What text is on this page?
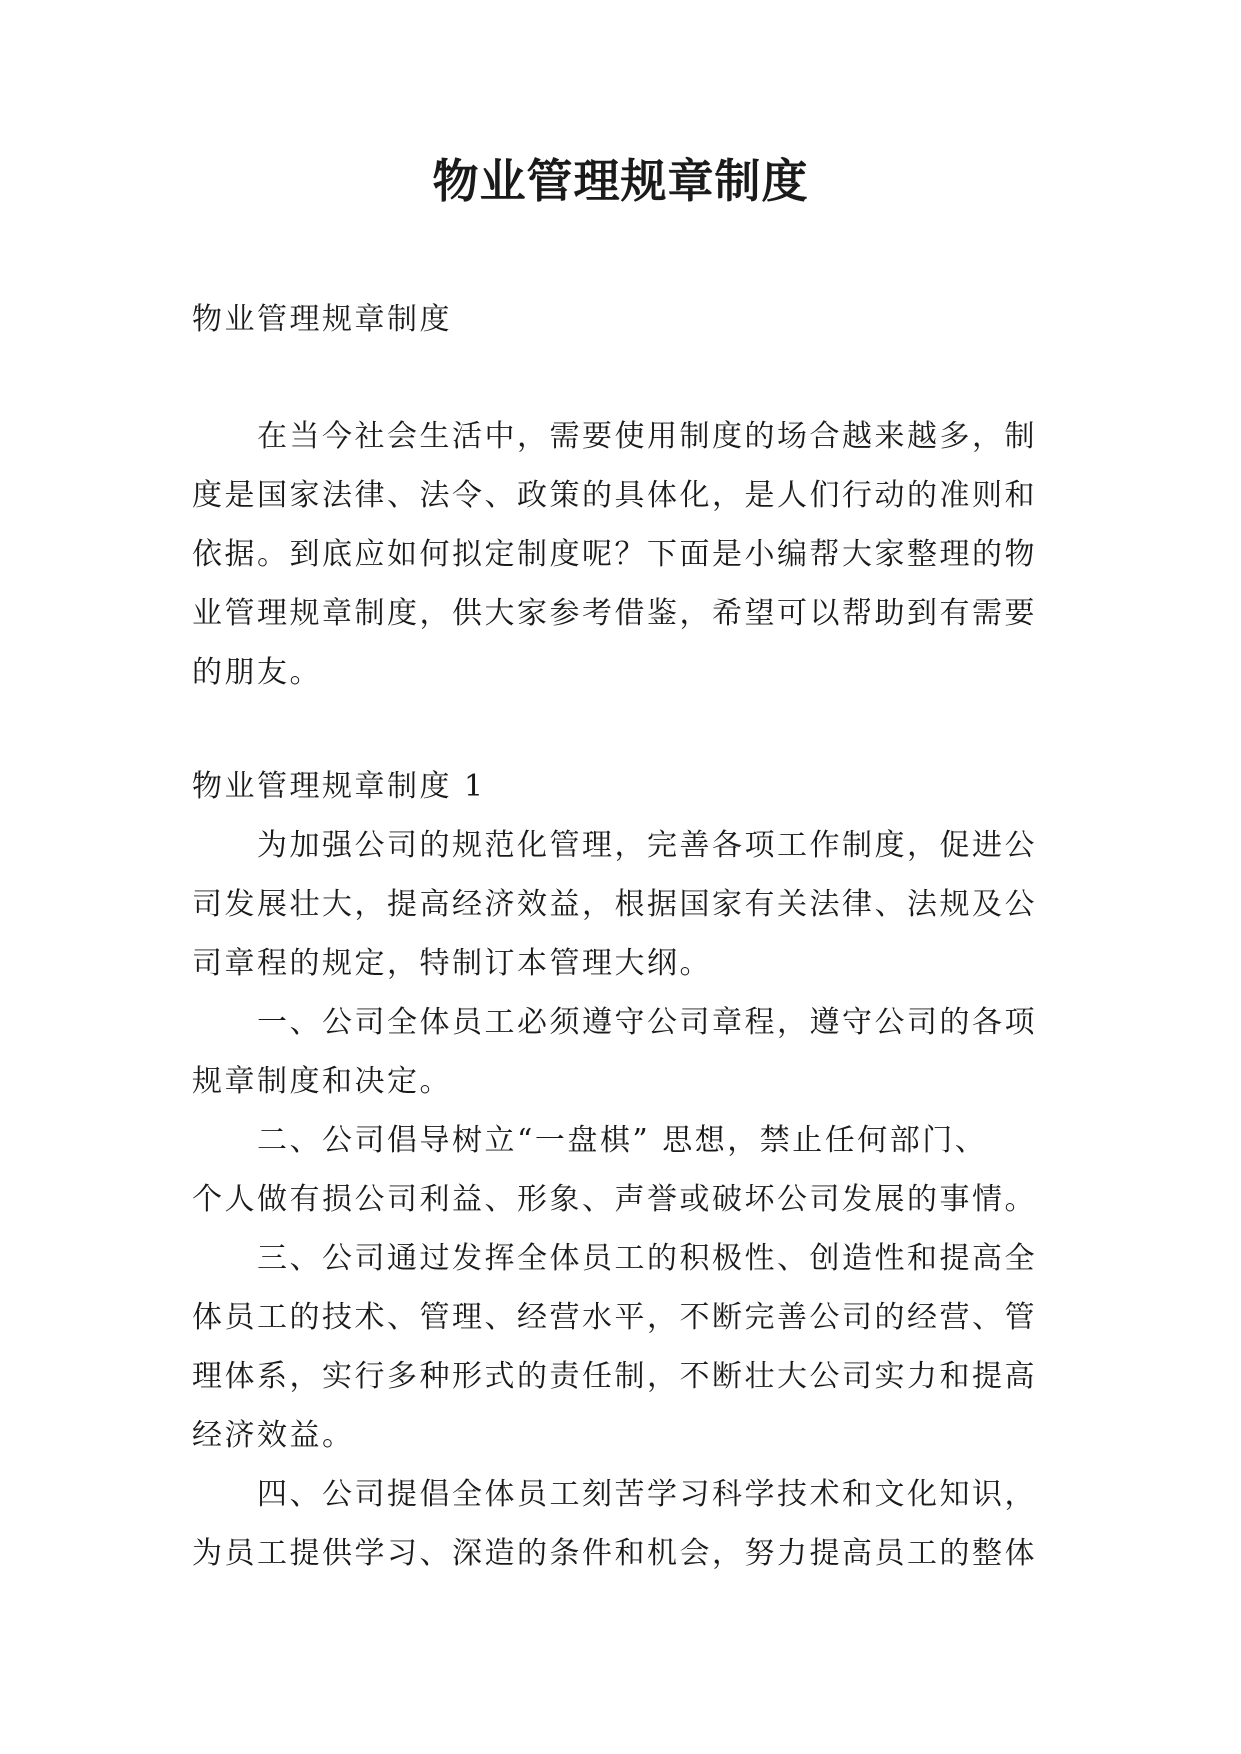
物业管理规章制度
物业管理规章制度
　　在当今社会生活中，需要使用制度的场合越来越多，制
度是国家法律、法令、政策的具体化，是人们行动的准则和
依据。到底应如何拟定制度呢？下面是小编帮大家整理的物
业管理规章制度，供大家参考借鉴，希望可以帮助到有需要
的朋友。
物业管理规章制度 1
　　为加强公司的规范化管理，完善各项工作制度，促进公
司发展壮大，提高经济效益，根据国家有关法律、法规及公
司章程的规定，特制订本管理大纲。
　　一、公司全体员工必须遵守公司章程，遵守公司的各项
规章制度和决定。
　　二、公司倡导树立“一盘棋” 思想，禁止任何部门、
个人做有损公司利益、形象、声誉或破坏公司发展的事情。
　　三、公司通过发挥全体员工的积极性、创造性和提高全
体员工的技术、管理、经营水平，不断完善公司的经营、管
理体系，实行多种形式的责任制，不断壮大公司实力和提高
经济效益。
　　四、公司提倡全体员工刻苦学习科学技术和文化知识，
为员工提供学习、深造的条件和机会，努力提高员工的整体
